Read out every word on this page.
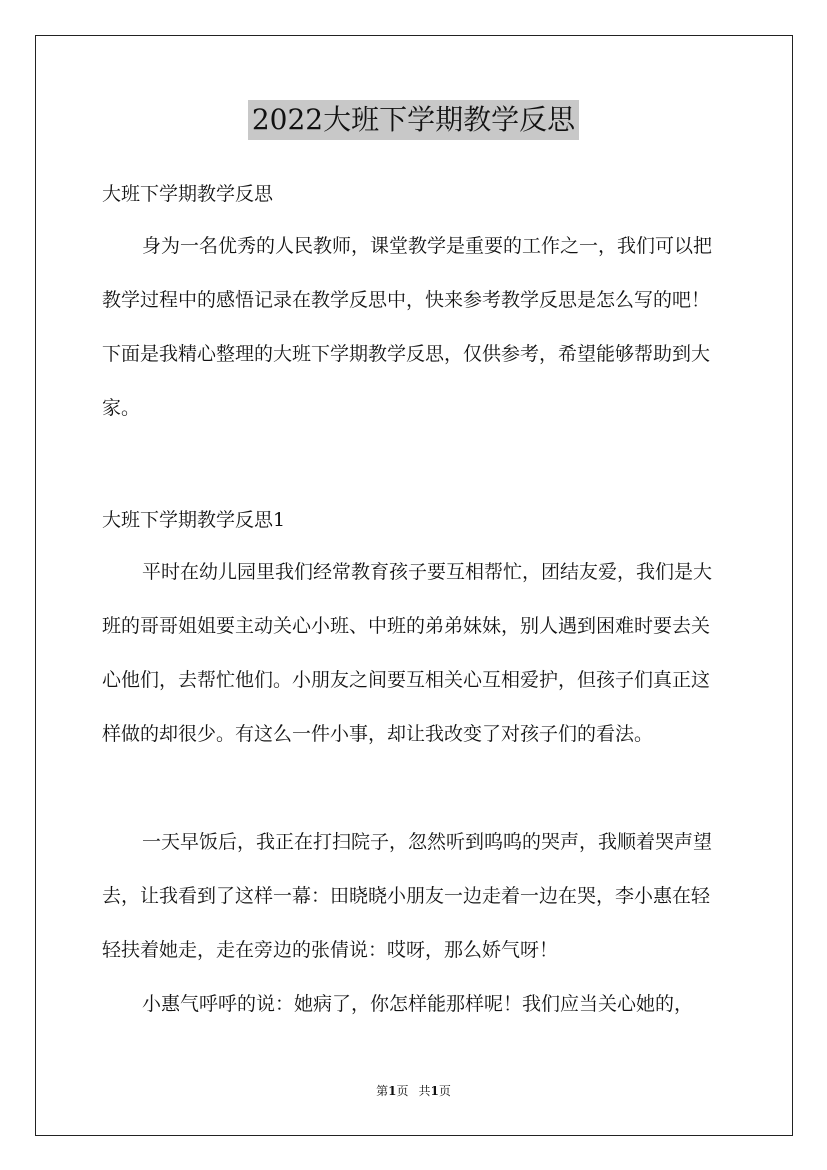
2022大班下学期教学反思
大班下学期教学反思

身为一名优秀的人民教师，课堂教学是重要的工作之一，我们可以把教学过程中的感悟记录在教学反思中，快来参考教学反思是怎么写的吧！下面是我精心整理的大班下学期教学反思，仅供参考，希望能够帮助到大家。

大班下学期教学反思1

平时在幼儿园里我们经常教育孩子要互相帮忙，团结友爱，我们是大班的哥哥姐姐要主动关心小班、中班的弟弟妹妹，别人遇到困难时要去关心他们，去帮忙他们。小朋友之间要互相关心互相爱护，但孩子们真正这样做的却很少。有这么一件小事，却让我改变了对孩子们的看法。

一天早饭后，我正在打扫院子，忽然听到呜呜的哭声，我顺着哭声望去，让我看到了这样一幕：田晓晓小朋友一边走着一边在哭，李小惠在轻轻扶着她走，走在旁边的张倩说：哎呀，那么娇气呀！

小惠气呼呼的说：她病了，你怎样能那样呢！我们应当关心她的，

第1页 共1页
